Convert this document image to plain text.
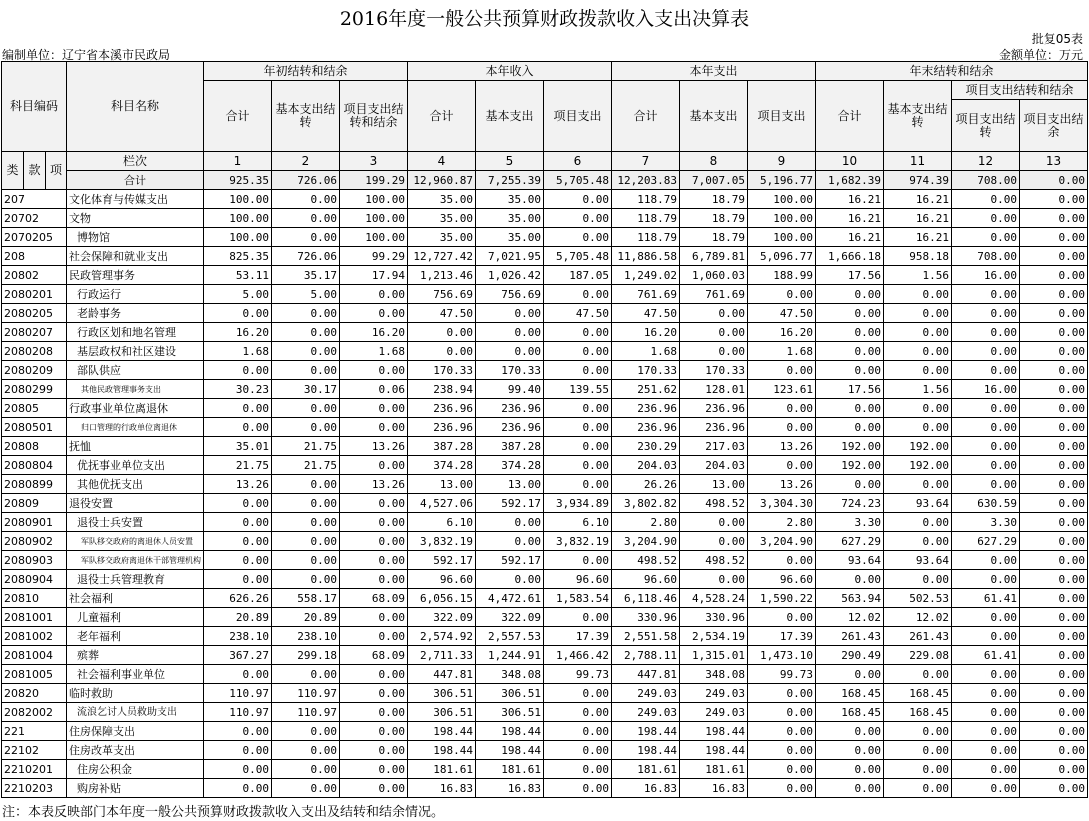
2016年度一般公共预算财政拨款收入支出决算表
批复05表
编制单位：辽宁省本溪市民政局	金额单位：万元
科目编码			科目名称	年初结转和结余			本年收入			本年支出			年末结转和结余			
				合计	基本支出结转	项目支出结转和结余	合计	基本支出	项目支出	合计	基本支出	项目支出	合计	基本支出结转	项目支出结转和结余	
															项目支出结转	项目支出结余
类	款	项	栏次	1	2	3	4	5	6	7	8	9	10	11	12	13
			合计	925.35	726.06	199.29	12,960.87	7,255.39	5,705.48	12,203.83	7,007.05	5,196.77	1,682.39	974.39	708.00	0.00
207			文化体育与传媒支出	100.00	0.00	100.00	35.00	35.00	0.00	118.79	18.79	100.00	16.21	16.21	0.00	0.00
20702			文物	100.00	0.00	100.00	35.00	35.00	0.00	118.79	18.79	100.00	16.21	16.21	0.00	0.00
2070205			博物馆	100.00	0.00	100.00	35.00	35.00	0.00	118.79	18.79	100.00	16.21	16.21	0.00	0.00
208			社会保障和就业支出	825.35	726.06	99.29	12,727.42	7,021.95	5,705.48	11,886.58	6,789.81	5,096.77	1,666.18	958.18	708.00	0.00
20802			民政管理事务	53.11	35.17	17.94	1,213.46	1,026.42	187.05	1,249.02	1,060.03	188.99	17.56	1.56	16.00	0.00
2080201			行政运行	5.00	5.00	0.00	756.69	756.69	0.00	761.69	761.69	0.00	0.00	0.00	0.00	0.00
2080205			老龄事务	0.00	0.00	0.00	47.50	0.00	47.50	47.50	0.00	47.50	0.00	0.00	0.00	0.00
2080207			行政区划和地名管理	16.20	0.00	16.20	0.00	0.00	0.00	16.20	0.00	16.20	0.00	0.00	0.00	0.00
2080208			基层政权和社区建设	1.68	0.00	1.68	0.00	0.00	0.00	1.68	0.00	1.68	0.00	0.00	0.00	0.00
2080209			部队供应	0.00	0.00	0.00	170.33	170.33	0.00	170.33	170.33	0.00	0.00	0.00	0.00	0.00
2080299			其他民政管理事务支出	30.23	30.17	0.06	238.94	99.40	139.55	251.62	128.01	123.61	17.56	1.56	16.00	0.00
20805			行政事业单位离退休	0.00	0.00	0.00	236.96	236.96	0.00	236.96	236.96	0.00	0.00	0.00	0.00	0.00
2080501			归口管理的行政单位离退休	0.00	0.00	0.00	236.96	236.96	0.00	236.96	236.96	0.00	0.00	0.00	0.00	0.00
20808			抚恤	35.01	21.75	13.26	387.28	387.28	0.00	230.29	217.03	13.26	192.00	192.00	0.00	0.00
2080804			优抚事业单位支出	21.75	21.75	0.00	374.28	374.28	0.00	204.03	204.03	0.00	192.00	192.00	0.00	0.00
2080899			其他优抚支出	13.26	0.00	13.26	13.00	13.00	0.00	26.26	13.00	13.26	0.00	0.00	0.00	0.00
20809			退役安置	0.00	0.00	0.00	4,527.06	592.17	3,934.89	3,802.82	498.52	3,304.30	724.23	93.64	630.59	0.00
2080901			退役士兵安置	0.00	0.00	0.00	6.10	0.00	6.10	2.80	0.00	2.80	3.30	0.00	3.30	0.00
2080902			军队移交政府的离退休人员安置	0.00	0.00	0.00	3,832.19	0.00	3,832.19	3,204.90	0.00	3,204.90	627.29	0.00	627.29	0.00
2080903			军队移交政府离退休干部管理机构	0.00	0.00	0.00	592.17	592.17	0.00	498.52	498.52	0.00	93.64	93.64	0.00	0.00
2080904			退役士兵管理教育	0.00	0.00	0.00	96.60	0.00	96.60	96.60	0.00	96.60	0.00	0.00	0.00	0.00
20810			社会福利	626.26	558.17	68.09	6,056.15	4,472.61	1,583.54	6,118.46	4,528.24	1,590.22	563.94	502.53	61.41	0.00
2081001			儿童福利	20.89	20.89	0.00	322.09	322.09	0.00	330.96	330.96	0.00	12.02	12.02	0.00	0.00
2081002			老年福利	238.10	238.10	0.00	2,574.92	2,557.53	17.39	2,551.58	2,534.19	17.39	261.43	261.43	0.00	0.00
2081004			殡葬	367.27	299.18	68.09	2,711.33	1,244.91	1,466.42	2,788.11	1,315.01	1,473.10	290.49	229.08	61.41	0.00
2081005			社会福利事业单位	0.00	0.00	0.00	447.81	348.08	99.73	447.81	348.08	99.73	0.00	0.00	0.00	0.00
20820			临时救助	110.97	110.97	0.00	306.51	306.51	0.00	249.03	249.03	0.00	168.45	168.45	0.00	0.00
2082002			流浪乞讨人员救助支出	110.97	110.97	0.00	306.51	306.51	0.00	249.03	249.03	0.00	168.45	168.45	0.00	0.00
221			住房保障支出	0.00	0.00	0.00	198.44	198.44	0.00	198.44	198.44	0.00	0.00	0.00	0.00	0.00
22102			住房改革支出	0.00	0.00	0.00	198.44	198.44	0.00	198.44	198.44	0.00	0.00	0.00	0.00	0.00
2210201			住房公积金	0.00	0.00	0.00	181.61	181.61	0.00	181.61	181.61	0.00	0.00	0.00	0.00	0.00
2210203			购房补贴	0.00	0.00	0.00	16.83	16.83	0.00	16.83	16.83	0.00	0.00	0.00	0.00	0.00
注：本表反映部门本年度一般公共预算财政拨款收入支出及结转和结余情况。
